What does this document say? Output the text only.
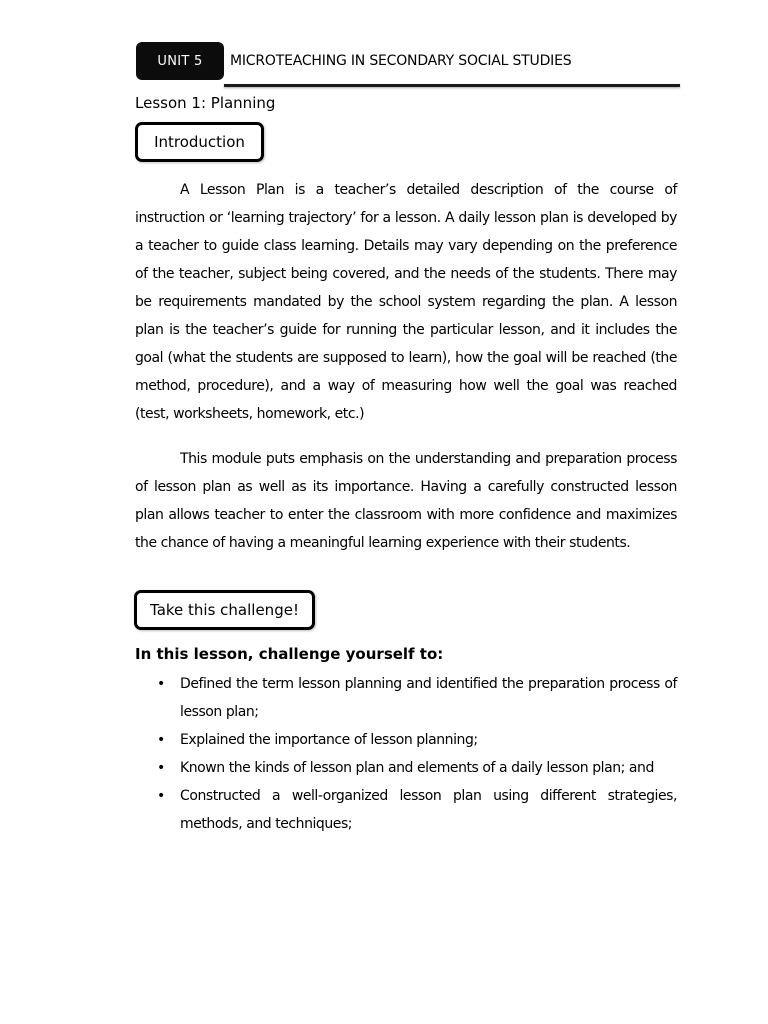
UNIT 5	MICROTEACHING IN SECONDARY SOCIAL STUDIES
Lesson 1: Planning
Introduction

A Lesson Plan is a teacher’s detailed description of the course of instruction or ‘learning trajectory’ for a lesson. A daily lesson plan is developed by a teacher to guide class learning. Details may vary depending on the preference of the teacher, subject being covered, and the needs of the students. There may be requirements mandated by the school system regarding the plan. A lesson plan is the teacher’s guide for running the particular lesson, and it includes the goal (what the students are supposed to learn), how the goal will be reached (the method, procedure), and a way of measuring how well the goal was reached (test, worksheets, homework, etc.)

This module puts emphasis on the understanding and preparation process of lesson plan as well as its importance. Having a carefully constructed lesson plan allows teacher to enter the classroom with more confidence and maximizes the chance of having a meaningful learning experience with their students.

Take this challenge!
In this lesson, challenge yourself to:
• Defined the term lesson planning and identified the preparation process of lesson plan;
• Explained the importance of lesson planning;
• Known the kinds of lesson plan and elements of a daily lesson plan; and
• Constructed a well-organized lesson plan using different strategies, methods, and techniques;
